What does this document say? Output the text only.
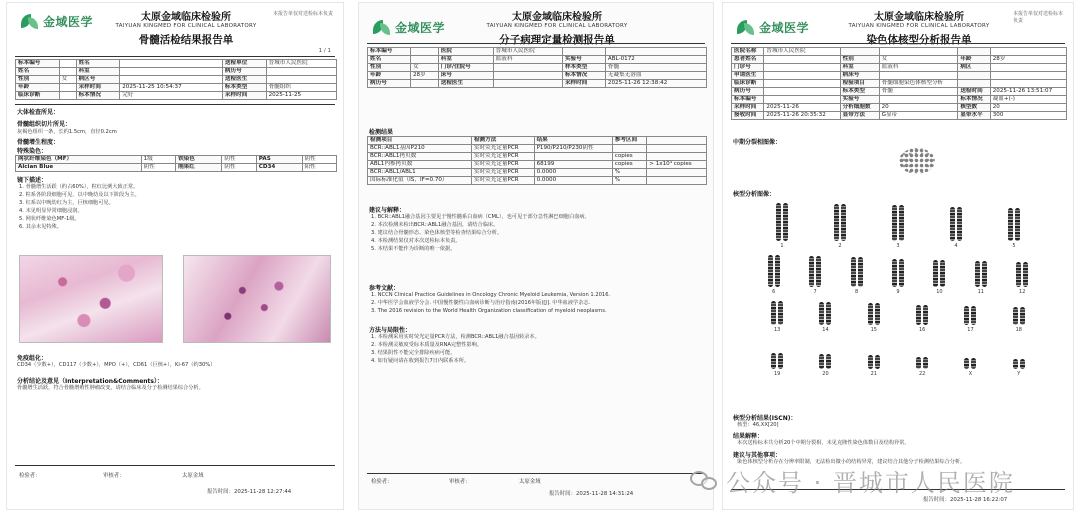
金域医学	太原金域临床检验所
TAIYUAN KINGMED FOR CLINICAL LABORATORY
骨髓活检结果报告单
本报告单仅对送检标本负责
1 / 1
标本编号		姓名		送检单位	晋城市人民医院
姓名		科室		病历号	
性别	女	病区号		送检医生	
年龄		采样时间	2025-11-25 10:54:37	标本类型	骨髓组织
临床诊断		标本情况	完好	采样时间	2025-11-25
大体检查所见：
骨髓组织切片所见：
灰褐色组织一条，长约1.5cm，直径0.2cm
骨髓增生程度：
特殊染色：
网状纤维染色（MF）	1级	铁染色	阴性	PAS	阴性
Alcian Blue	阴性	刚果红	阴性	CD34	阳性
镜下描述：
1. 骨髓增生活跃（约占60%），粒红比例大致正常。
2. 粒系各阶段细胞可见，以中晚幼及以下阶段为主。
3. 红系以中晚幼红为主，巨核细胞可见。
4. 未见明显异常细胞浸润。
5. 网状纤维染色MF-1级。
6. 其余未见特殊。
免疫组化：
CD34（少数+），CD117（少数+），MPO（+），CD61（巨核+），Ki-67（约30%）
分析结论及意见（Interpretation&Comments）：
骨髓增生活跃，符合骨髓增殖性肿瘤改变，请结合临床及分子检测结果综合分析。
检验者：	审核者：	太原金域
报告时间：2025-11-28 12:27:44
金域医学
太原金域临床检验所
TAIYUAN KINGMED FOR CLINICAL LABORATORY
分子病理定量检测报告单
标本编号		医院	晋城市人民医院		
姓名		科室	血液科	实验号	ABL-0172
性别	女	门诊/住院号		样本类型	骨髓
年龄	28岁	床号		标本情况	无凝集无溶血
病历号		送检医生		采样时间	2025-11-26 12:38:42
检测结果
检测项目	检测方法	结果	参考区间	
BCR::ABL1基因P210	实时荧光定量PCR	P190/P210/P230阴性		
BCR::ABL1拷贝数	实时荧光定量PCR		copies	
ABL1内参拷贝数	实时荧光定量PCR	68199	copies	> 1x10⁴ copies
BCR::ABL1/ABL1	实时荧光定量PCR	0.0000	%	
国际标准化值（IS，IF=0.70）	实时荧光定量PCR	0.0000	%	
建议与解释：
1. BCR::ABL1融合基因主要见于慢性髓系白血病（CML），也可见于部分急性淋巴细胞白血病。
2. 本次检测未检出BCR::ABL1融合基因，请结合临床。
3. 建议结合骨髓形态、染色体核型等检查结果综合分析。
4. 本检测结果仅对本次送检标本负责。
5. 本结果不能作为诊断的唯一依据。
参考文献：
1. NCCN Clinical Practice Guidelines in Oncology Chronic Myeloid Leukemia, Version 1.2016.
2. 中华医学会血液学分会. 中国慢性髓性白血病诊断与治疗指南(2016年版)[J]. 中华血液学杂志.
3. The 2016 revision to the World Health Organization classification of myeloid neoplasms.
方法与局限性：
1. 本检测采用实时荧光定量PCR方法，检测BCR::ABL1融合基因转录本。
2. 本检测灵敏度受标本质量及RNA完整性影响。
3. 结果阴性不能完全排除疾病可能。
4. 如有疑问请在收到报告7日内联系本所。
检验者：	审核者：	太原金域
报告时间：2025-11-28 14:31:24
金域医学
太原金域临床检验所
TAIYUAN KINGMED FOR CLINICAL LABORATORY
染色体核型分析报告单
本报告单仅对送检标本负责
医院名称	晋城市人民医院				
患者姓名		性别	女	年龄	28岁
门诊号		科室	血液科	病区	
申请医生		病床号			
临床诊断		检验项目	骨髓细胞染色体核型分析		
病历号		标本类型	骨髓	送检时间	2025-11-26 13:51:07
标本编号		实验号		标本情况	凝血+(-)
采样时间	2025-11-26	分析细胞数	20	核型数	20
接收时间	2025-11-26 20:35:32	显带方法	G显带	显带水平	300
中期分裂相图像：
核型分析图像：
1	2	3	4	5
6	7	8	9	10	11	12
13	14	15	16	17	18
19	20	21	22	X	Y
核型分析结果(ISCN)：
核型：46,XX[20]
结果解释：
本次送检标本共分析20个中期分裂相，未见克隆性染色体数目及结构异常。
建议与其他事项：
染色体核型分析存在分辨率限制，无法检出微小的结构异常，建议结合其他分子检测结果综合分析。
报告时间：2025-11-28 16:22:07
公众号 · 晋城市人民医院
